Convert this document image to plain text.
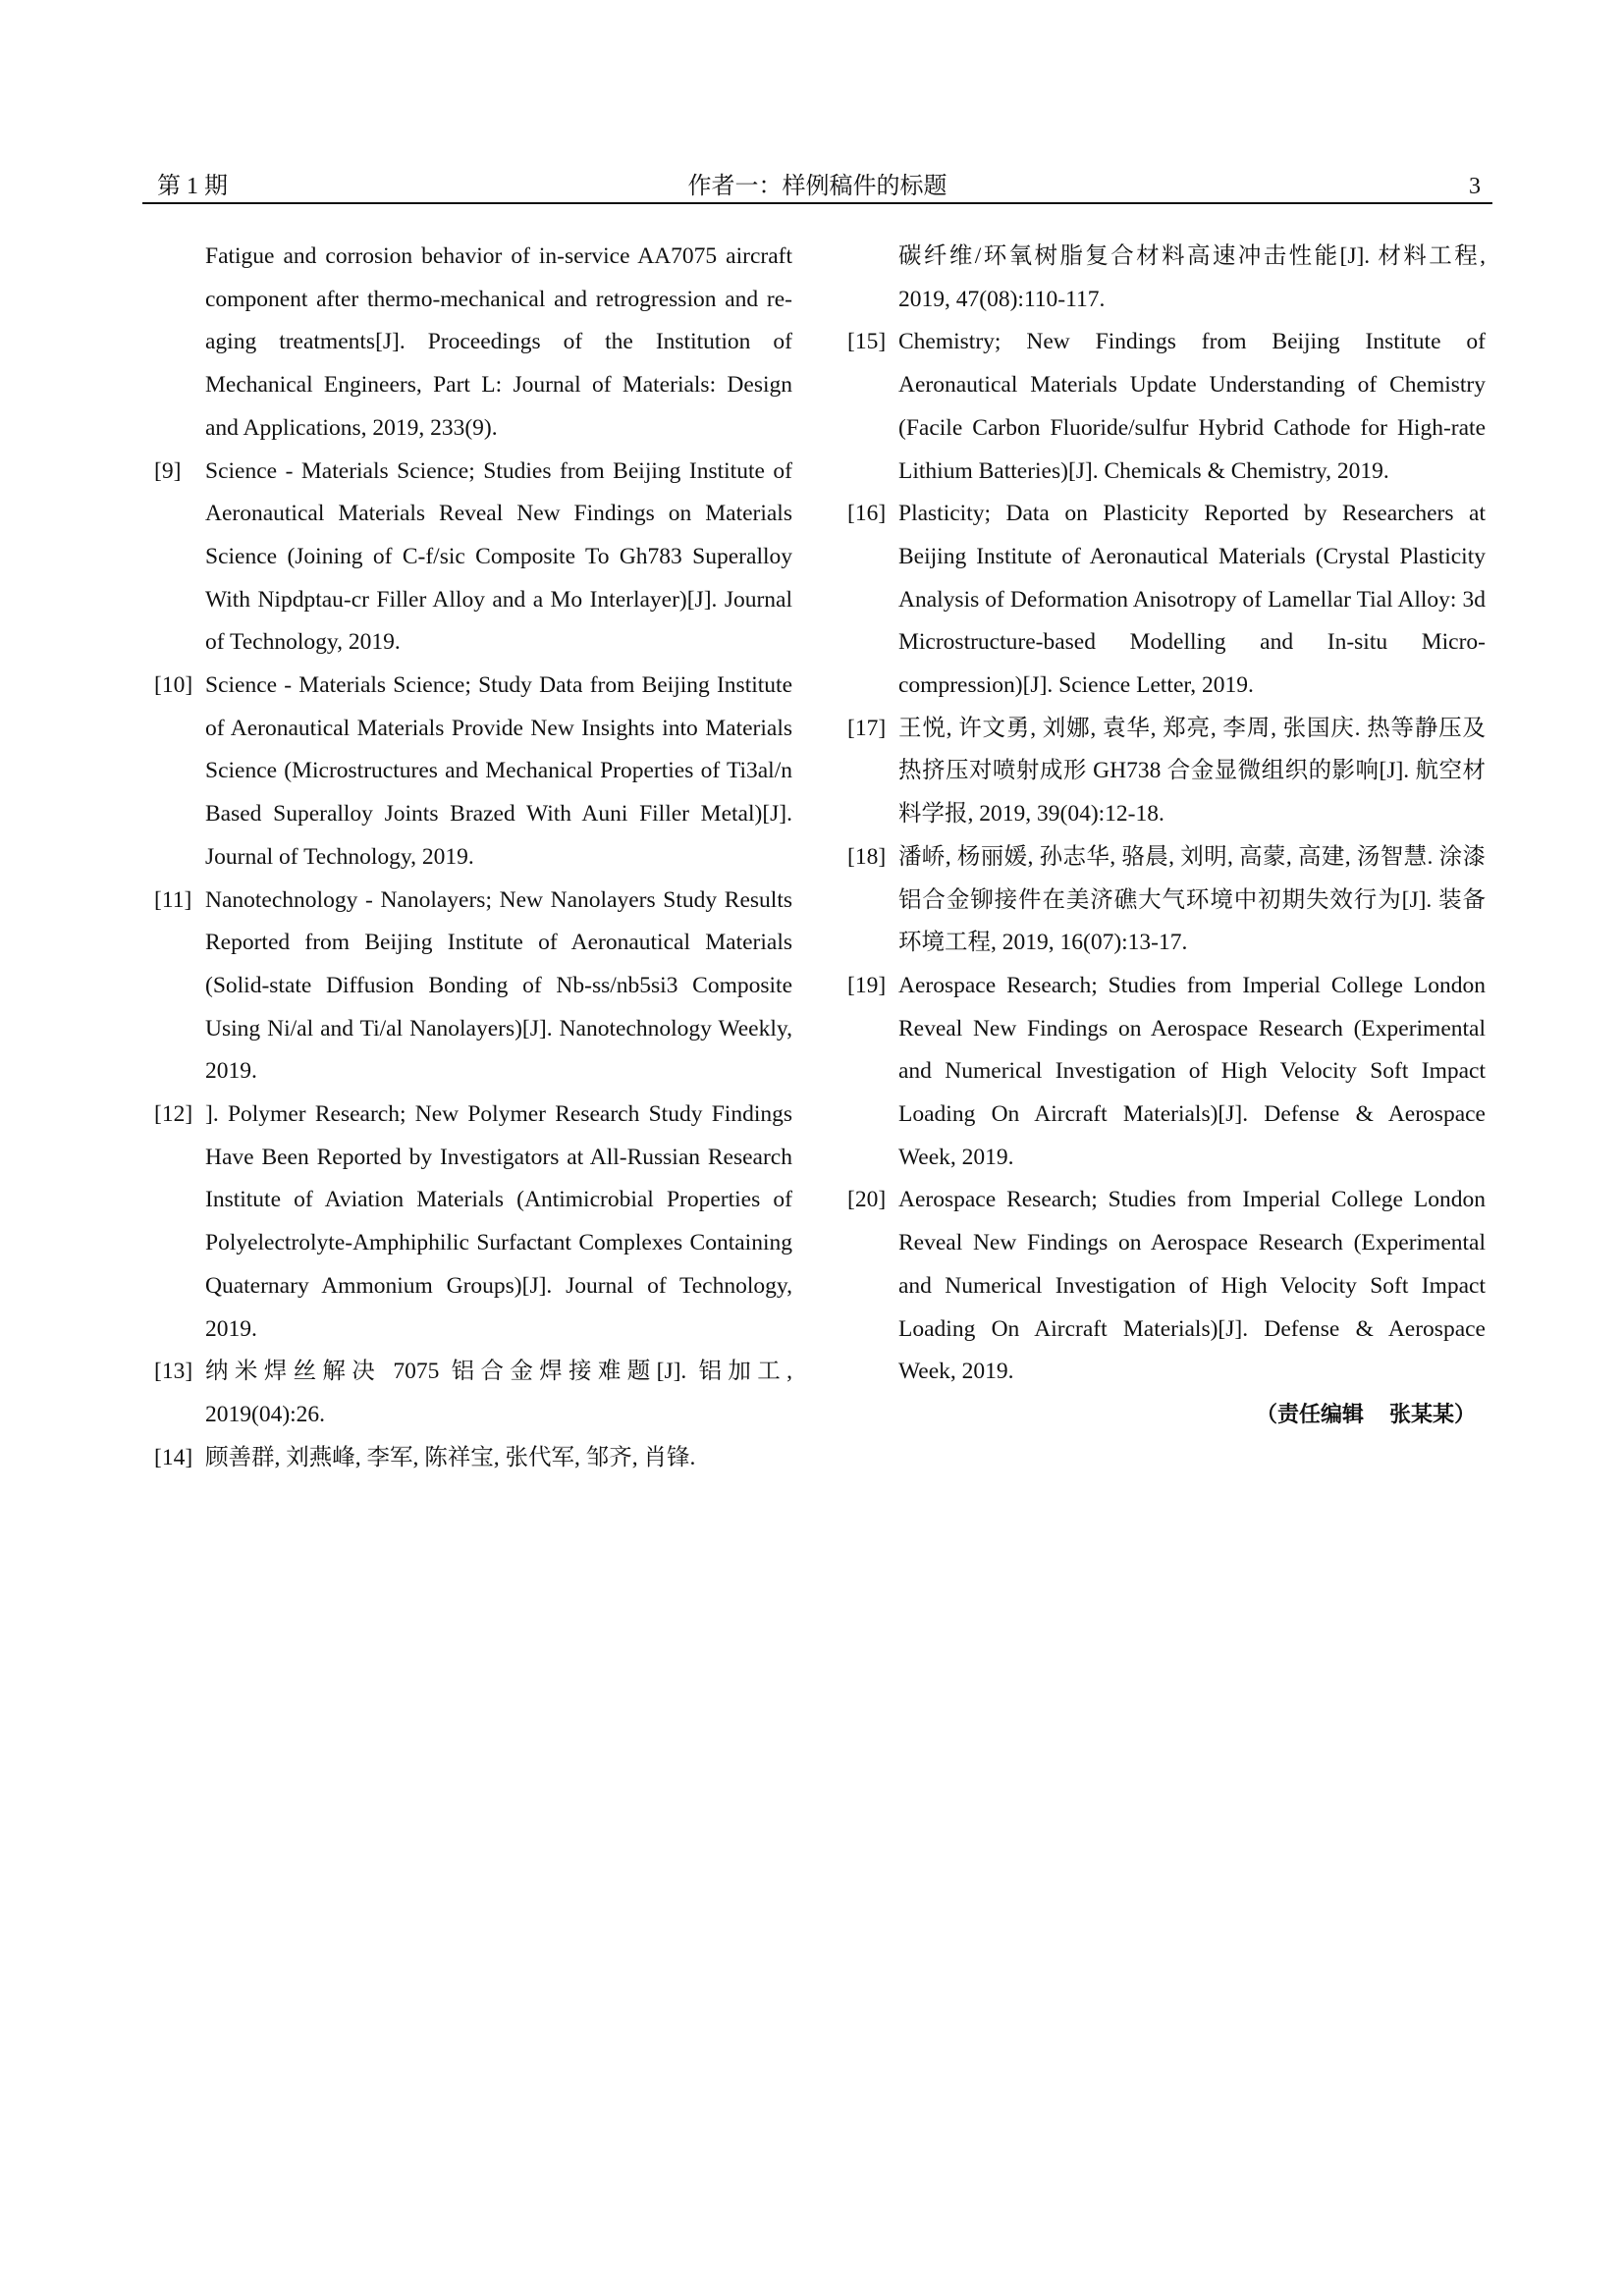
第 1 期	作者一：样例稿件的标题	3

Fatigue and corrosion behavior of in-service AA7075 aircraft component after thermo-mechanical and retrogression and re-aging treatments[J]. Proceedings of the Institution of Mechanical Engineers, Part L: Journal of Materials: Design and Applications, 2019, 233(9).

[9] Science - Materials Science; Studies from Beijing Institute of Aeronautical Materials Reveal New Findings on Materials Science (Joining of C-f/sic Composite To Gh783 Superalloy With Nipdptau-cr Filler Alloy and a Mo Interlayer)[J]. Journal of Technology, 2019.

[10] Science - Materials Science; Study Data from Beijing Institute of Aeronautical Materials Provide New Insights into Materials Science (Microstructures and Mechanical Properties of Ti3al/n Based Superalloy Joints Brazed With Auni Filler Metal)[J]. Journal of Technology, 2019.

[11] Nanotechnology - Nanolayers; New Nanolayers Study Results Reported from Beijing Institute of Aeronautical Materials (Solid-state Diffusion Bonding of Nb-ss/nb5si3 Composite Using Ni/al and Ti/al Nanolayers)[J]. Nanotechnology Weekly, 2019.

[12] ]. Polymer Research; New Polymer Research Study Findings Have Been Reported by Investigators at All-Russian Research Institute of Aviation Materials (Antimicrobial Properties of Polyelectrolyte-Amphiphilic Surfactant Complexes Containing Quaternary Ammonium Groups)[J]. Journal of Technology, 2019.

[13] 纳米焊丝解决 7075 铝合金焊接难题[J]. 铝加工, 2019(04):26.

[14] 顾善群, 刘燕峰, 李军, 陈祥宝, 张代军, 邹齐, 肖锋.

碳纤维/环氧树脂复合材料高速冲击性能[J]. 材料工程, 2019, 47(08):110-117.

[15] Chemistry; New Findings from Beijing Institute of Aeronautical Materials Update Understanding of Chemistry (Facile Carbon Fluoride/sulfur Hybrid Cathode for High-rate Lithium Batteries)[J]. Chemicals & Chemistry, 2019.

[16] Plasticity; Data on Plasticity Reported by Researchers at Beijing Institute of Aeronautical Materials (Crystal Plasticity Analysis of Deformation Anisotropy of Lamellar Tial Alloy: 3d Microstructure-based Modelling and In-situ Micro-compression)[J]. Science Letter, 2019.

[17] 王悦, 许文勇, 刘娜, 袁华, 郑亮, 李周, 张国庆. 热等静压及热挤压对喷射成形 GH738 合金显微组织的影响[J]. 航空材料学报, 2019, 39(04):12-18.

[18] 潘峤, 杨丽媛, 孙志华, 骆晨, 刘明, 高蒙, 高建, 汤智慧. 涂漆铝合金铆接件在美济礁大气环境中初期失效行为[J]. 装备环境工程, 2019, 16(07):13-17.

[19] Aerospace Research; Studies from Imperial College London Reveal New Findings on Aerospace Research (Experimental and Numerical Investigation of High Velocity Soft Impact Loading On Aircraft Materials)[J]. Defense & Aerospace Week, 2019.

[20] Aerospace Research; Studies from Imperial College London Reveal New Findings on Aerospace Research (Experimental and Numerical Investigation of High Velocity Soft Impact Loading On Aircraft Materials)[J]. Defense & Aerospace Week, 2019.

（责任编辑 张某某）
